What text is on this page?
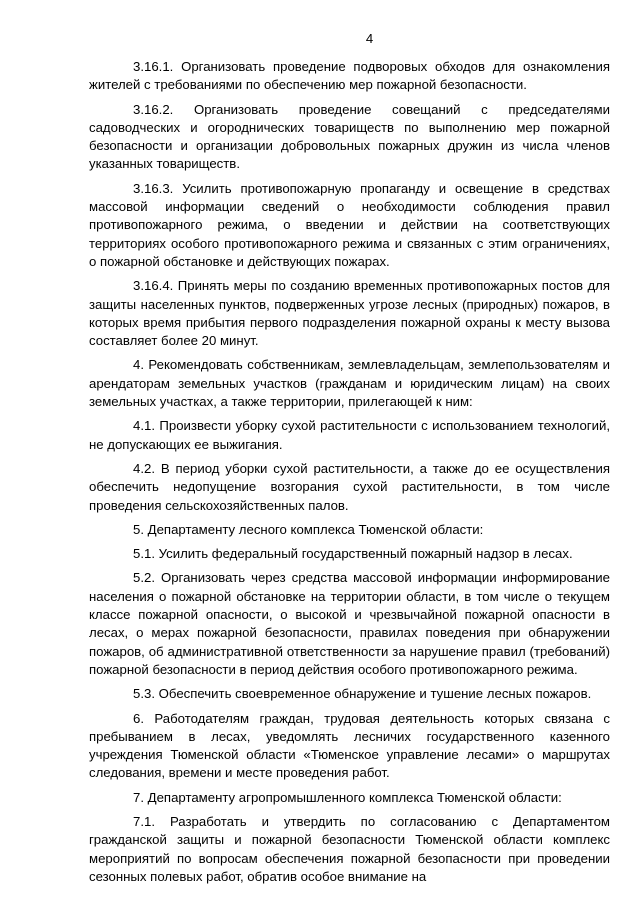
4

3.16.1. Организовать проведение подворовых обходов для ознакомления жителей с требованиями по обеспечению мер пожарной безопасности.

3.16.2. Организовать проведение совещаний с председателями садоводческих и огороднических товариществ по выполнению мер пожарной безопасности и организации добровольных пожарных дружин из числа членов указанных товариществ.

3.16.3. Усилить противопожарную пропаганду и освещение в средствах массовой информации сведений о необходимости соблюдения правил противопожарного режима, о введении и действии на соответствующих территориях особого противопожарного режима и связанных с этим ограничениях, о пожарной обстановке и действующих пожарах.

3.16.4. Принять меры по созданию временных противопожарных постов для защиты населенных пунктов, подверженных угрозе лесных (природных) пожаров, в которых время прибытия первого подразделения пожарной охраны к месту вызова составляет более 20 минут.

4. Рекомендовать собственникам, землевладельцам, землепользователям и арендаторам земельных участков (гражданам и юридическим лицам) на своих земельных участках, а также территории, прилегающей к ним:

4.1. Произвести уборку сухой растительности с использованием технологий, не допускающих ее выжигания.

4.2. В период уборки сухой растительности, а также до ее осуществления обеспечить недопущение возгорания сухой растительности, в том числе проведения сельскохозяйственных палов.

5. Департаменту лесного комплекса Тюменской области:

5.1. Усилить федеральный государственный пожарный надзор в лесах.

5.2. Организовать через средства массовой информации информирование населения о пожарной обстановке на территории области, в том числе о текущем классе пожарной опасности, о высокой и чрезвычайной пожарной опасности в лесах, о мерах пожарной безопасности, правилах поведения при обнаружении пожаров, об административной ответственности за нарушение правил (требований) пожарной безопасности в период действия особого противопожарного режима.

5.3. Обеспечить своевременное обнаружение и тушение лесных пожаров.

6. Работодателям граждан, трудовая деятельность которых связана с пребыванием в лесах, уведомлять лесничих государственного казенного учреждения Тюменской области «Тюменское управление лесами» о маршрутах следования, времени и месте проведения работ.

7. Департаменту агропромышленного комплекса Тюменской области:

7.1. Разработать и утвердить по согласованию с Департаментом гражданской защиты и пожарной безопасности Тюменской области комплекс мероприятий по вопросам обеспечения пожарной безопасности при проведении сезонных полевых работ, обратив особое внимание на
